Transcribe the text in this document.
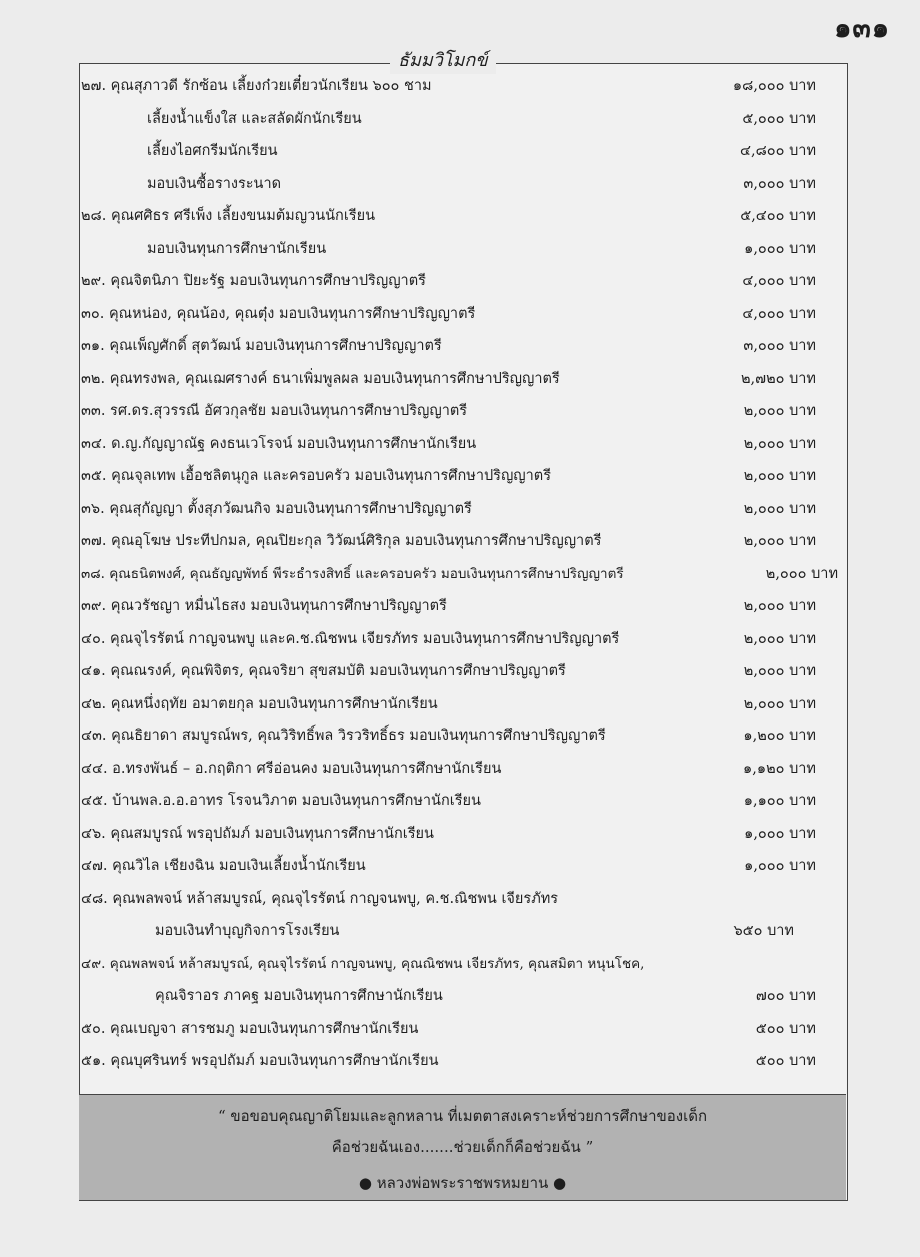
๑๓๑
ธัมมวิโมกข์
๒๗. คุณสุภาวดี รักซ้อน เลี้ยงก๋วยเตี๋ยวนักเรียน ๖๐๐ ชาม	๑๘,๐๐๐ บาท
เลี้ยงน้ำแข็งใส และสลัดผักนักเรียน	๕,๐๐๐ บาท
เลี้ยงไอศกรีมนักเรียน	๔,๘๐๐ บาท
มอบเงินซื้อรางระนาด	๓,๐๐๐ บาท
๒๘. คุณศศิธร ศรีเพ็ง เลี้ยงขนมต้มญวนนักเรียน	๕,๔๐๐ บาท
มอบเงินทุนการศึกษานักเรียน	๑,๐๐๐ บาท
๒๙. คุณจิตนิภา ปิยะรัฐ มอบเงินทุนการศึกษาปริญญาตรี	๔,๐๐๐ บาท
๓๐. คุณหน่อง, คุณน้อง, คุณตุ๋ง มอบเงินทุนการศึกษาปริญญาตรี	๔,๐๐๐ บาท
๓๑. คุณเพ็ญศักดิ์ สุตวัฒน์ มอบเงินทุนการศึกษาปริญญาตรี	๓,๐๐๐ บาท
๓๒. คุณทรงพล, คุณเฌศรางค์ ธนาเพิ่มพูลผล มอบเงินทุนการศึกษาปริญญาตรี	๒,๗๒๐ บาท
๓๓. รศ.ดร.สุวรรณี อัศวกุลชัย มอบเงินทุนการศึกษาปริญญาตรี	๒,๐๐๐ บาท
๓๔. ด.ญ.กัญญาณัฐ คงธนเวโรจน์ มอบเงินทุนการศึกษานักเรียน	๒,๐๐๐ บาท
๓๕. คุณจุลเทพ เอื้อชลิตนุกูล และครอบครัว มอบเงินทุนการศึกษาปริญญาตรี	๒,๐๐๐ บาท
๓๖. คุณสุกัญญา ตั้งสุภวัฒนกิจ มอบเงินทุนการศึกษาปริญญาตรี	๒,๐๐๐ บาท
๓๗. คุณอุโฆษ ประทีปกมล, คุณปิยะกุล วิวัฒน์ศิริกุล มอบเงินทุนการศึกษาปริญญาตรี	๒,๐๐๐ บาท
๓๘. คุณธนิตพงศ์, คุณธัญญพัทธ์ พีระธำรงสิทธิ์ และครอบครัว มอบเงินทุนการศึกษาปริญญาตรี	๒,๐๐๐ บาท
๓๙. คุณวรัชญา หมื่นไธสง มอบเงินทุนการศึกษาปริญญาตรี	๒,๐๐๐ บาท
๔๐. คุณจุไรรัตน์ กาญจนพบู และค.ช.ณิชพน เจียรภัทร มอบเงินทุนการศึกษาปริญญาตรี	๒,๐๐๐ บาท
๔๑. คุณณรงค์, คุณพิจิตร, คุณจริยา สุขสมบัติ มอบเงินทุนการศึกษาปริญญาตรี	๒,๐๐๐ บาท
๔๒. คุณหนึ่งฤทัย อมาตยกุล มอบเงินทุนการศึกษานักเรียน	๒,๐๐๐ บาท
๔๓. คุณธิยาดา สมบูรณ์พร, คุณวิริทธิ์พล วิรวริทธิ์ธร มอบเงินทุนการศึกษาปริญญาตรี	๑,๒๐๐ บาท
๔๔. อ.ทรงพันธ์ – อ.กฤติกา ศรีอ่อนคง มอบเงินทุนการศึกษานักเรียน	๑,๑๒๐ บาท
๔๕. บ้านพล.อ.อ.อาทร โรจนวิภาต มอบเงินทุนการศึกษานักเรียน	๑,๑๐๐ บาท
๔๖. คุณสมบูรณ์ พรอุปถัมภ์ มอบเงินทุนการศึกษานักเรียน	๑,๐๐๐ บาท
๔๗. คุณวิไล เชียงฉิน มอบเงินเลี้ยงน้ำนักเรียน	๑,๐๐๐ บาท
๔๘. คุณพลพจน์ หล้าสมบูรณ์, คุณจุไรรัตน์ กาญจนพบู, ค.ช.ณิชพน เจียรภัทร
มอบเงินทำบุญกิจการโรงเรียน	๖๕๐ บาท
๔๙. คุณพลพจน์ หล้าสมบูรณ์, คุณจุไรรัตน์ กาญจนพบู, คุณณิชพน เจียรภัทร, คุณสมิตา หนุนโชค,
คุณจิราอร ภาคฐ มอบเงินทุนการศึกษานักเรียน	๗๐๐ บาท
๕๐. คุณเบญจา สารชมภู มอบเงินทุนการศึกษานักเรียน	๕๐๐ บาท
๕๑. คุณบุศรินทร์ พรอุปถัมภ์ มอบเงินทุนการศึกษานักเรียน	๕๐๐ บาท
“ ขอขอบคุณญาติโยมและลูกหลาน ที่เมตตาสงเคราะห์ช่วยการศึกษาของเด็ก
คือช่วยฉันเอง.......ช่วยเด็กก็คือช่วยฉัน ”
● หลวงพ่อพระราชพรหมยาน ●
